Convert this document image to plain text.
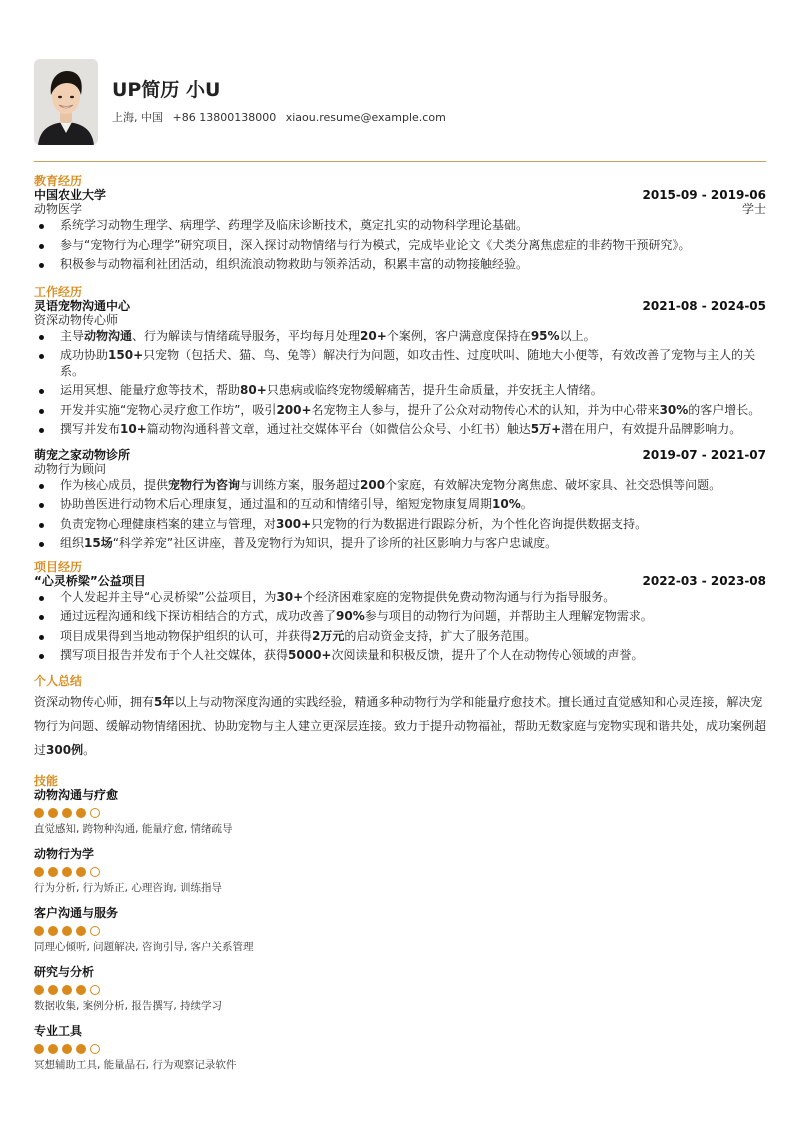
UP简历 小U
上海, 中国 +86 13800138000 xiaou.resume@example.com
教育经历
中国农业大学	2015-09 - 2019-06
动物医学	学士
系统学习动物生理学、病理学、药理学及临床诊断技术，奠定扎实的动物科学理论基础。
参与“宠物行为心理学”研究项目，深入探讨动物情绪与行为模式，完成毕业论文《犬类分离焦虑症的非药物干预研究》。
积极参与动物福利社团活动，组织流浪动物救助与领养活动，积累丰富的动物接触经验。
工作经历
灵语宠物沟通中心	2021-08 - 2024-05
资深动物传心师
主导动物沟通、行为解读与情绪疏导服务，平均每月处理20+个案例，客户满意度保持在95%以上。
成功协助150+只宠物（包括犬、猫、鸟、兔等）解决行为问题，如攻击性、过度吠叫、随地大小便等，有效改善了宠物与主人的关系。
运用冥想、能量疗愈等技术，帮助80+只患病或临终宠物缓解痛苦，提升生命质量，并安抚主人情绪。
开发并实施“宠物心灵疗愈工作坊”，吸引200+名宠物主人参与，提升了公众对动物传心术的认知，并为中心带来30%的客户增长。
撰写并发布10+篇动物沟通科普文章，通过社交媒体平台（如微信公众号、小红书）触达5万+潜在用户，有效提升品牌影响力。
萌宠之家动物诊所	2019-07 - 2021-07
动物行为顾问
作为核心成员，提供宠物行为咨询与训练方案，服务超过200个家庭，有效解决宠物分离焦虑、破坏家具、社交恐惧等问题。
协助兽医进行动物术后心理康复，通过温和的互动和情绪引导，缩短宠物康复周期10%。
负责宠物心理健康档案的建立与管理，对300+只宠物的行为数据进行跟踪分析，为个性化咨询提供数据支持。
组织15场“科学养宠”社区讲座，普及宠物行为知识，提升了诊所的社区影响力与客户忠诚度。
项目经历
“心灵桥梁”公益项目	2022-03 - 2023-08
个人发起并主导“心灵桥梁”公益项目，为30+个经济困难家庭的宠物提供免费动物沟通与行为指导服务。
通过远程沟通和线下探访相结合的方式，成功改善了90%参与项目的动物行为问题，并帮助主人理解宠物需求。
项目成果得到当地动物保护组织的认可，并获得2万元的启动资金支持，扩大了服务范围。
撰写项目报告并发布于个人社交媒体，获得5000+次阅读量和积极反馈，提升了个人在动物传心领域的声誉。
个人总结
资深动物传心师，拥有5年以上与动物深度沟通的实践经验，精通多种动物行为学和能量疗愈技术。擅长通过直觉感知和心灵连接，解决宠物行为问题、缓解动物情绪困扰、协助宠物与主人建立更深层连接。致力于提升动物福祉，帮助无数家庭与宠物实现和谐共处，成功案例超过300例。
技能
动物沟通与疗愈
直觉感知, 跨物种沟通, 能量疗愈, 情绪疏导
动物行为学
行为分析, 行为矫正, 心理咨询, 训练指导
客户沟通与服务
同理心倾听, 问题解决, 咨询引导, 客户关系管理
研究与分析
数据收集, 案例分析, 报告撰写, 持续学习
专业工具
冥想辅助工具, 能量晶石, 行为观察记录软件
